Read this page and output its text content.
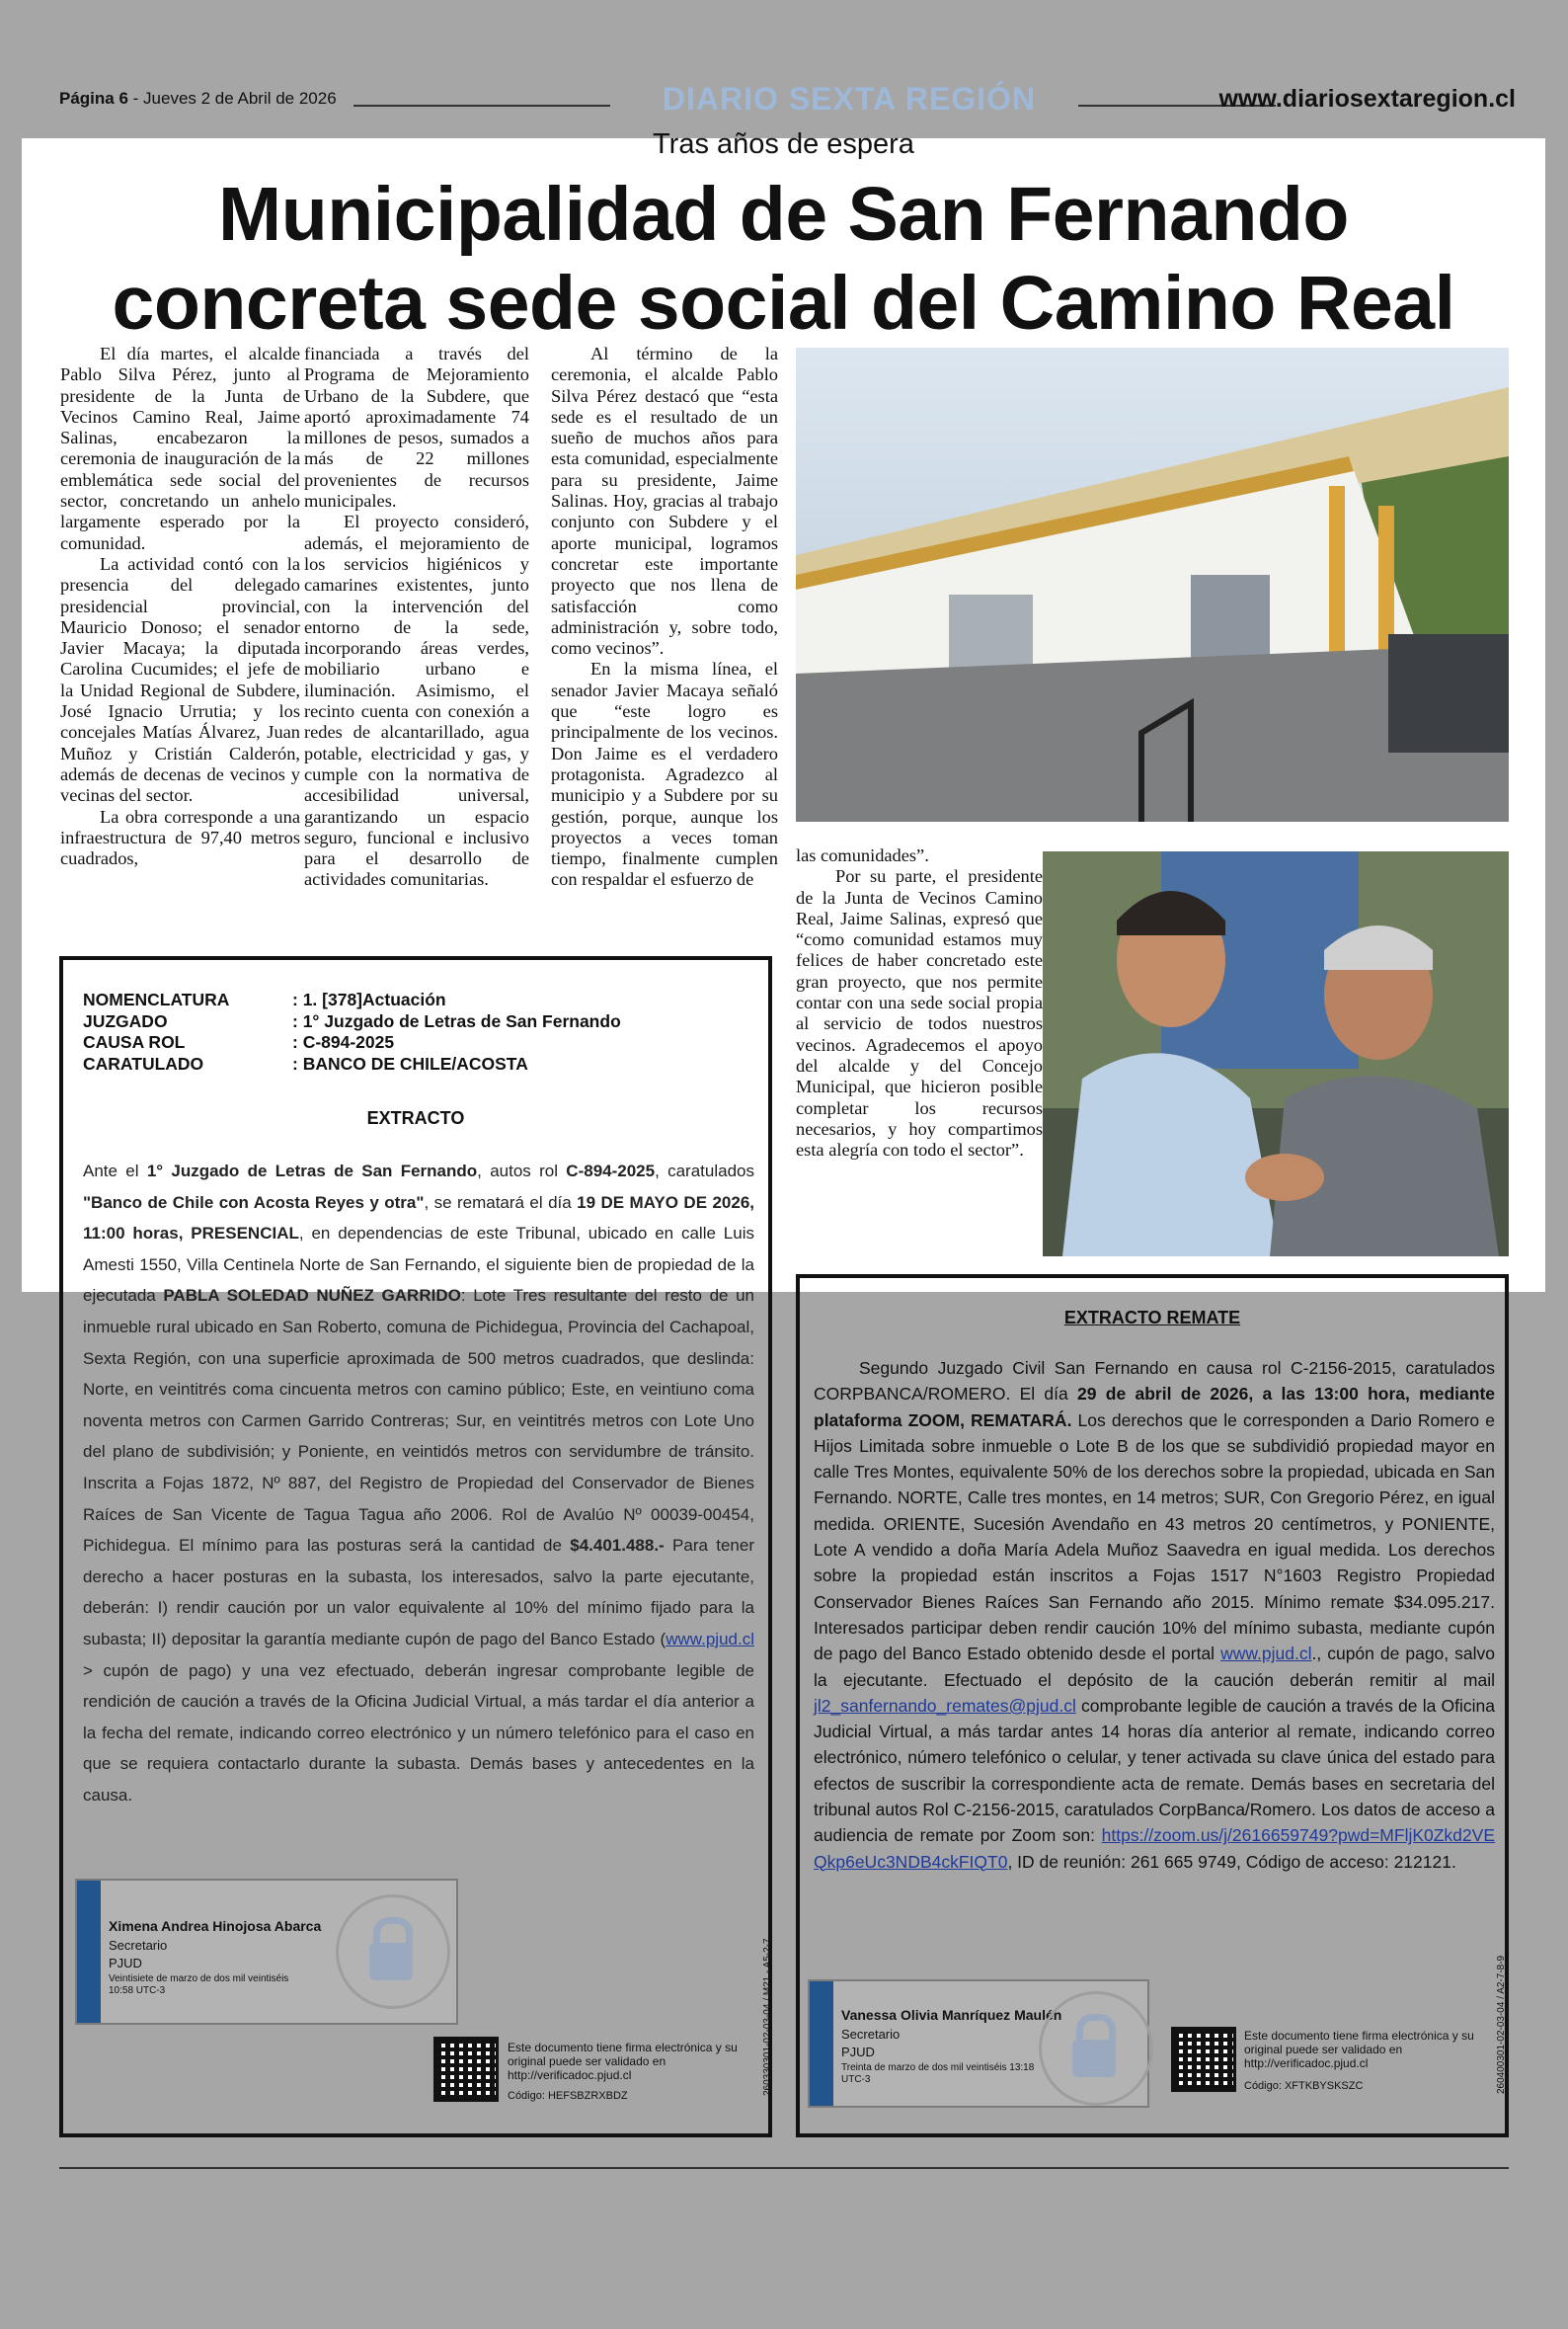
Página 6 - Jueves 2 de Abril de 2026	DIARIO SEXTA REGIÓN	www.diariosextaregion.cl
Tras años de espera
Municipalidad de San Fernando
concreta sede social del Camino Real

El día martes, el alcalde Pablo Silva Pérez, junto al presidente de la Junta de Vecinos Camino Real, Jaime Salinas, encabezaron la ceremonia de inauguración de la emblemática sede social del sector, concretando un anhelo largamente esperado por la comunidad.

La actividad contó con la presencia del delegado presidencial provincial, Mauricio Donoso; el senador Javier Macaya; la diputada Carolina Cucumides; el jefe de la Unidad Regional de Subdere, José Ignacio Urrutia; y los concejales Matías Álvarez, Juan Muñoz y Cristián Calderón, además de decenas de vecinos y vecinas del sector.

La obra corresponde a una infraestructura de 97,40 metros cuadrados,

financiada a través del Programa de Mejoramiento Urbano de la Subdere, que aportó aproximadamente 74 millones de pesos, sumados a más de 22 millones provenientes de recursos municipales.

El proyecto consideró, además, el mejoramiento de los servicios higiénicos y camarines existentes, junto con la intervención del entorno de la sede, incorporando áreas verdes, mobiliario urbano e iluminación. Asimismo, el recinto cuenta con conexión a redes de alcantarillado, agua potable, electricidad y gas, y cumple con la normativa de accesibilidad universal, garantizando un espacio seguro, funcional e inclusivo para el desarrollo de actividades comunitarias.

Al término de la ceremonia, el alcalde Pablo Silva Pérez destacó que “esta sede es el resultado de un sueño de muchos años para esta comunidad, especialmente para su presidente, Jaime Salinas. Hoy, gracias al trabajo conjunto con Subdere y el aporte municipal, logramos concretar este importante proyecto que nos llena de satisfacción como administración y, sobre todo, como vecinos”.

En la misma línea, el senador Javier Macaya señaló que “este logro es principalmente de los vecinos. Don Jaime es el verdadero protagonista. Agradezco al municipio y a Subdere por su gestión, porque, aunque los proyectos a veces toman tiempo, finalmente cumplen con respaldar el esfuerzo de

las comunidades”.

Por su parte, el presidente de la Junta de Vecinos Camino Real, Jaime Salinas, expresó que “como comunidad estamos muy felices de haber concretado este gran proyecto, que nos permite contar con una sede social propia al servicio de todos nuestros vecinos. Agradecemos el apoyo del alcalde y del Concejo Municipal, que hicieron posible completar los recursos necesarios, y hoy compartimos esta alegría con todo el sector”.

NOMENCLATURA	: 1. [378]Actuación
JUZGADO	: 1° Juzgado de Letras de San Fernando
CAUSA ROL	: C-894-2025
CARATULADO	: BANCO DE CHILE/ACOSTA
EXTRACTO
Ante el 1° Juzgado de Letras de San Fernando, autos rol C-894-2025, caratulados "Banco de Chile con Acosta Reyes y otra", se rematará el día 19 DE MAYO DE 2026, 11:00 horas, PRESENCIAL, en dependencias de este Tribunal, ubicado en calle Luis Amesti 1550, Villa Centinela Norte de San Fernando, el siguiente bien de propiedad de la ejecutada PABLA SOLEDAD NUÑEZ GARRIDO: Lote Tres resultante del resto de un inmueble rural ubicado en San Roberto, comuna de Pichidegua, Provincia del Cachapoal, Sexta Región, con una superficie aproximada de 500 metros cuadrados, que deslinda: Norte, en veintitrés coma cincuenta metros con camino público; Este, en veintiuno coma noventa metros con Carmen Garrido Contreras; Sur, en veintitrés metros con Lote Uno del plano de subdivisión; y Poniente, en veintidós metros con servidumbre de tránsito. Inscrita a Fojas 1872, Nº 887, del Registro de Propiedad del Conservador de Bienes Raíces de San Vicente de Tagua Tagua año 2006. Rol de Avalúo Nº 00039-00454, Pichidegua. El mínimo para las posturas será la cantidad de $4.401.488.- Para tener derecho a hacer posturas en la subasta, los interesados, salvo la parte ejecutante, deberán: I) rendir caución por un valor equivalente al 10% del mínimo fijado para la subasta; II) depositar la garantía mediante cupón de pago del Banco Estado (www.pjud.cl > cupón de pago) y una vez efectuado, deberán ingresar comprobante legible de rendición de caución a través de la Oficina Judicial Virtual, a más tardar el día anterior a la fecha del remate, indicando correo electrónico y un número telefónico para el caso en que se requiera contactarlo durante la subasta. Demás bases y antecedentes en la causa.
Ximena Andrea Hinojosa Abarca
Secretario
PJUD
Veintisiete de marzo de dos mil veintiséis 10:58 UTC-3
Este documento tiene firma electrónica y su original puede ser validado en http://verificadoc.pjud.cl
Código: HEFSBZRXBDZ	260330301-02-03-04 / M21 - A5-2-7
EXTRACTO REMATE

Segundo Juzgado Civil San Fernando en causa rol C-2156-2015, caratulados CORPBANCA/ROMERO. El día 29 de abril de 2026, a las 13:00 hora, mediante plataforma ZOOM, REMATARÁ. Los derechos que le corresponden a Dario Romero e Hijos Limitada sobre inmueble o Lote B de los que se subdividió propiedad mayor en calle Tres Montes, equivalente 50% de los derechos sobre la propiedad, ubicada en San Fernando. NORTE, Calle tres montes, en 14 metros; SUR, Con Gregorio Pérez, en igual medida. ORIENTE, Sucesión Avendaño en 43 metros 20 centímetros, y PONIENTE, Lote A vendido a doña María Adela Muñoz Saavedra en igual medida. Los derechos sobre la propiedad están inscritos a Fojas 1517 N°1603 Registro Propiedad Conservador Bienes Raíces San Fernando año 2015. Mínimo remate $34.095.217. Interesados participar deben rendir caución 10% del mínimo subasta, mediante cupón de pago del Banco Estado obtenido desde el portal www.pjud.cl., cupón de pago, salvo la ejecutante. Efectuado el depósito de la caución deberán remitir al mail jl2_sanfernando_remates@pjud.cl comprobante legible de caución a través de la Oficina Judicial Virtual, a más tardar antes 14 horas día anterior al remate, indicando correo electrónico, número telefónico o celular, y tener activada su clave única del estado para efectos de suscribir la correspondiente acta de remate. Demás bases en secretaria del tribunal autos Rol C-2156-2015, caratulados CorpBanca/Romero. Los datos de acceso a audiencia de remate por Zoom son: https://zoom.us/j/2616659749?pwd=MFljK0Zkd2VEQkp6eUc3NDB4ckFIQT0, ID de reunión: 261 665 9749, Código de acceso: 212121.

Vanessa Olivia Manríquez Maulén
Secretario
PJUD
Treinta de marzo de dos mil veintiséis 13:18 UTC-3
Este documento tiene firma electrónica y su original puede ser validado en http://verificadoc.pjud.cl
Código: XFTKBYSKSZC	260400301-02-03-04 / A2-7-8-9
